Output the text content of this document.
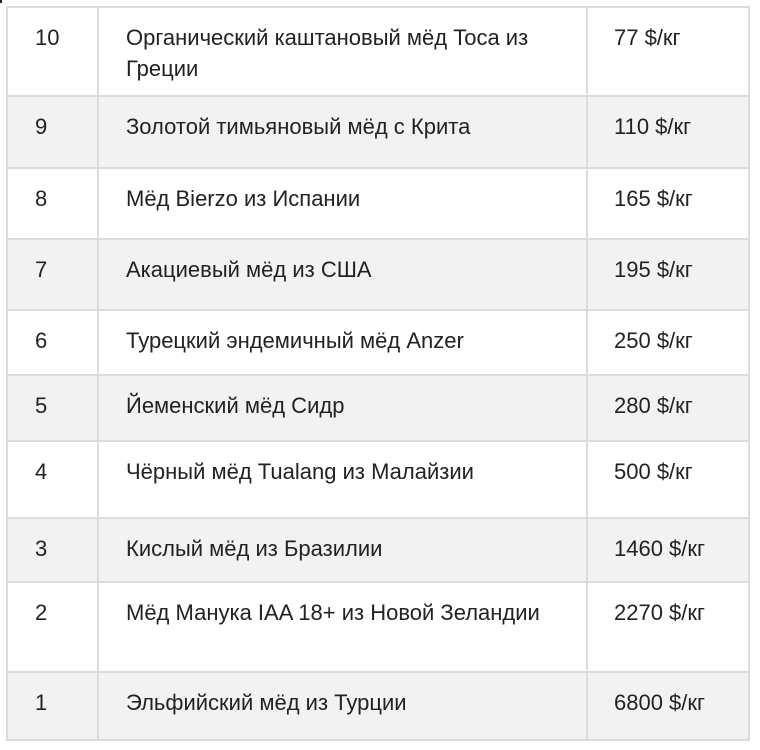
10	Органический каштановый мёд Toca из Греции	77 $/кг
9	Золотой тимьяновый мёд с Крита	110 $/кг
8	Мёд Bierzo из Испании	165 $/кг
7	Акациевый мёд из США	195 $/кг
6	Турецкий эндемичный мёд Anzer	250 $/кг
5	Йеменский мёд Сидр	280 $/кг
4	Чёрный мёд Tualang из Малайзии	500 $/кг
3	Кислый мёд из Бразилии	1460 $/кг
2	Мёд Манука IAA 18+ из Новой Зеландии	2270 $/кг
1	Эльфийский мёд из Турции	6800 $/кг
